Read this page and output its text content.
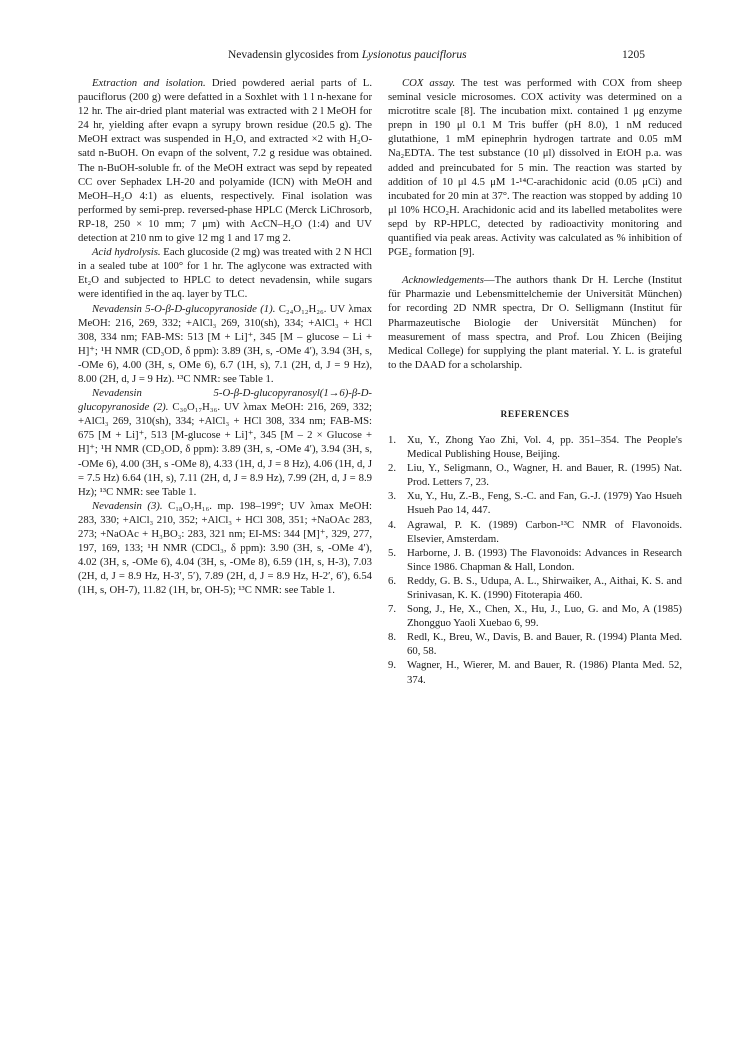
Nevadensin glycosides from Lysionotus pauciflorus	1205

Extraction and isolation. Dried powdered aerial parts of L. pauciflorus (200 g) were defatted in a Soxhlet with 1 l n-hexane for 12 hr. The air-dried plant material was extracted with 2 l MeOH for 24 hr, yielding after evapn a syrupy brown residue (20.5 g). The MeOH extract was suspended in H₂O, and extracted ×2 with H₂O-satd n-BuOH. On evapn of the solvent, 7.2 g residue was obtained. The n-BuOH-soluble fr. of the MeOH extract was sepd by repeated CC over Sephadex LH-20 and polyamide (ICN) with MeOH and MeOH–H₂O 4:1) as eluents, respectively. Final isolation was performed by semi-prep. reversed-phase HPLC (Merck LiChrosorb, RP-18, 250 × 10 mm; 7 μm) with AcCN–H₂O (1:4) and UV detection at 210 nm to give 12 mg 1 and 17 mg 2.

Acid hydrolysis. Each glucoside (2 mg) was treated with 2 N HCl in a sealed tube at 100° for 1 hr. The aglycone was extracted with Et₂O and subjected to HPLC to detect nevadensin, while sugars were identified in the aq. layer by TLC.

Nevadensin 5-O-β-D-glucopyranoside (1). C₂₄O₁₂H₂₆. UV λmax MeOH: 216, 269, 332; +AlCl₃ 269, 310(sh), 334; +AlCl₃ + HCl 308, 334 nm; FAB-MS: 513 [M + Li]⁺, 345 [M – glucose – Li + H]⁺; ¹H NMR (CD₃OD, δ ppm): 3.89 (3H, s, -OMe 4′), 3.94 (3H, s, -OMe 6), 4.00 (3H, s, OMe 6), 6.7 (1H, s), 7.1 (2H, d, J = 9 Hz), 8.00 (2H, d, J = 9 Hz). ¹³C NMR: see Table 1.

Nevadensin 5-O-β-D-glucopyranosyl(1→6)-β-D-glucopyranoside (2). C₃₀O₁₇H₃₆. UV λmax MeOH: 216, 269, 332; +AlCl₃ 269, 310(sh), 334; +AlCl₃ + HCl 308, 334 nm; FAB-MS: 675 [M + Li]⁺, 513 [M-glucose + Li]⁺, 345 [M – 2 × Glucose + H]⁺; ¹H NMR (CD₃OD, δ ppm): 3.89 (3H, s, -OMe 4′), 3.94 (3H, s, -OMe 6), 4.00 (3H, s -OMe 8), 4.33 (1H, d, J = 8 Hz), 4.06 (1H, d, J = 7.5 Hz) 6.64 (1H, s), 7.11 (2H, d, J = 8.9 Hz), 7.99 (2H, d, J = 8.9 Hz); ¹³C NMR: see Table 1.

Nevadensin (3). C₁₈O₇H₁₆. mp. 198–199°; UV λmax MeOH: 283, 330; +AlCl₃ 210, 352; +AlCl₃ + HCl 308, 351; +NaOAc 283, 273; +NaOAc + H₃BO₃: 283, 321 nm; EI-MS: 344 [M]⁺, 329, 277, 197, 169, 133; ¹H NMR (CDCl₃, δ ppm): 3.90 (3H, s, -OMe 4′), 4.02 (3H, s, -OMe 6), 4.04 (3H, s, -OMe 8), 6.59 (1H, s, H-3), 7.03 (2H, d, J = 8.9 Hz, H-3′, 5′), 7.89 (2H, d, J = 8.9 Hz, H-2′, 6′), 6.54 (1H, s, OH-7), 11.82 (1H, br, OH-5); ¹³C NMR: see Table 1.

COX assay. The test was performed with COX from sheep seminal vesicle microsomes. COX activity was determined on a microtitre scale [8]. The incubation mixt. contained 1 μg enzyme prepn in 190 μl 0.1 M Tris buffer (pH 8.0), 1 nM reduced glutathione, 1 mM epinephrin hydrogen tartrate and 0.05 mM Na₂EDTA. The test substance (10 μl) dissolved in EtOH p.a. was added and preincubated for 5 min. The reaction was started by addition of 10 μl 4.5 μM 1-¹⁴C-arachidonic acid (0.05 μCi) and incubated for 20 min at 37°. The reaction was stopped by adding 10 μl 10% HCO₂H. Arachidonic acid and its labelled metabolites were sepd by RP-HPLC, detected by radioactivity monitoring and quantified via peak areas. Activity was calculated as % inhibition of PGE₂ formation [9].

Acknowledgements—The authors thank Dr H. Lerche (Institut für Pharmazie und Lebensmittelchemie der Universität München) for recording 2D NMR spectra, Dr O. Selligmann (Institut für Pharmazeutische Biologie der Universität München) for measurement of mass spectra, and Prof. Lou Zhicen (Beijing Medical College) for supplying the plant material. Y. L. is grateful to the DAAD for a scholarship.

REFERENCES
1. Xu, Y., Zhong Yao Zhi, Vol. 4, pp. 351–354. The People's Medical Publishing House, Beijing.
2. Liu, Y., Seligmann, O., Wagner, H. and Bauer, R. (1995) Nat. Prod. Letters 7, 23.
3. Xu, Y., Hu, Z.-B., Feng, S.-C. and Fan, G.-J. (1979) Yao Hsueh Hsueh Pao 14, 447.
4. Agrawal, P. K. (1989) Carbon-¹³C NMR of Flavonoids. Elsevier, Amsterdam.
5. Harborne, J. B. (1993) The Flavonoids: Advances in Research Since 1986. Chapman & Hall, London.
6. Reddy, G. B. S., Udupa, A. L., Shirwaiker, A., Aithai, K. S. and Srinivasan, K. K. (1990) Fitoterapia 460.
7. Song, J., He, X., Chen, X., Hu, J., Luo, G. and Mo, A (1985) Zhongguo Yaoli Xuebao 6, 99.
8. Redl, K., Breu, W., Davis, B. and Bauer, R. (1994) Planta Med. 60, 58.
9. Wagner, H., Wierer, M. and Bauer, R. (1986) Planta Med. 52, 374.
